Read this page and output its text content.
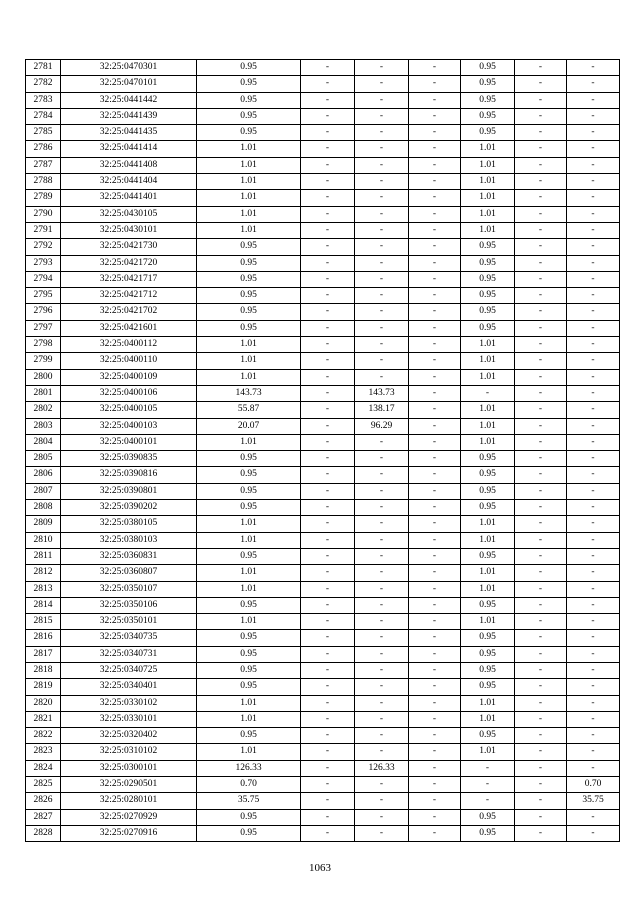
2781	32:25:0470301	0.95	-	-	-	0.95	-	-
2782	32:25:0470101	0.95	-	-	-	0.95	-	-
2783	32:25:0441442	0.95	-	-	-	0.95	-	-
2784	32:25:0441439	0.95	-	-	-	0.95	-	-
2785	32:25:0441435	0.95	-	-	-	0.95	-	-
2786	32:25:0441414	1.01	-	-	-	1.01	-	-
2787	32:25:0441408	1.01	-	-	-	1.01	-	-
2788	32:25:0441404	1.01	-	-	-	1.01	-	-
2789	32:25:0441401	1.01	-	-	-	1.01	-	-
2790	32:25:0430105	1.01	-	-	-	1.01	-	-
2791	32:25:0430101	1.01	-	-	-	1.01	-	-
2792	32:25:0421730	0.95	-	-	-	0.95	-	-
2793	32:25:0421720	0.95	-	-	-	0.95	-	-
2794	32:25:0421717	0.95	-	-	-	0.95	-	-
2795	32:25:0421712	0.95	-	-	-	0.95	-	-
2796	32:25:0421702	0.95	-	-	-	0.95	-	-
2797	32:25:0421601	0.95	-	-	-	0.95	-	-
2798	32:25:0400112	1.01	-	-	-	1.01	-	-
2799	32:25:0400110	1.01	-	-	-	1.01	-	-
2800	32:25:0400109	1.01	-	-	-	1.01	-	-
2801	32:25:0400106	143.73	-	143.73	-	-	-	-
2802	32:25:0400105	55.87	-	138.17	-	1.01	-	-
2803	32:25:0400103	20.07	-	96.29	-	1.01	-	-
2804	32:25:0400101	1.01	-	-	-	1.01	-	-
2805	32:25:0390835	0.95	-	-	-	0.95	-	-
2806	32:25:0390816	0.95	-	-	-	0.95	-	-
2807	32:25:0390801	0.95	-	-	-	0.95	-	-
2808	32:25:0390202	0.95	-	-	-	0.95	-	-
2809	32:25:0380105	1.01	-	-	-	1.01	-	-
2810	32:25:0380103	1.01	-	-	-	1.01	-	-
2811	32:25:0360831	0.95	-	-	-	0.95	-	-
2812	32:25:0360807	1.01	-	-	-	1.01	-	-
2813	32:25:0350107	1.01	-	-	-	1.01	-	-
2814	32:25:0350106	0.95	-	-	-	0.95	-	-
2815	32:25:0350101	1.01	-	-	-	1.01	-	-
2816	32:25:0340735	0.95	-	-	-	0.95	-	-
2817	32:25:0340731	0.95	-	-	-	0.95	-	-
2818	32:25:0340725	0.95	-	-	-	0.95	-	-
2819	32:25:0340401	0.95	-	-	-	0.95	-	-
2820	32:25:0330102	1.01	-	-	-	1.01	-	-
2821	32:25:0330101	1.01	-	-	-	1.01	-	-
2822	32:25:0320402	0.95	-	-	-	0.95	-	-
2823	32:25:0310102	1.01	-	-	-	1.01	-	-
2824	32:25:0300101	126.33	-	126.33	-	-	-	-
2825	32:25:0290501	0.70	-	-	-	-	-	0.70
2826	32:25:0280101	35.75	-	-	-	-	-	35.75
2827	32:25:0270929	0.95	-	-	-	0.95	-	-
2828	32:25:0270916	0.95	-	-	-	0.95	-	-
1063
